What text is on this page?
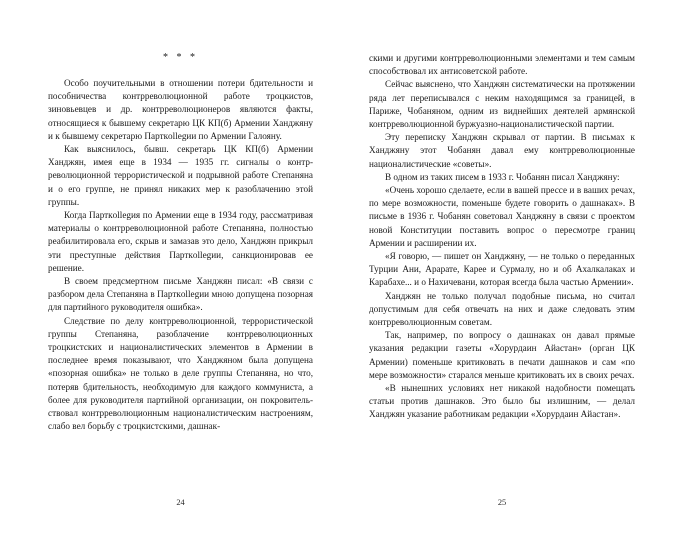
* * *

Особо поучительными в отношении потери бдительности и пособничества контрреволюционной работе троцкистов, зиновьевцев и др. контрреволюционеров являются факты, относящиеся к бывшему секретарю ЦК КП(б) Армении Ханджяну и к бывшему секретарю Парткollegии по Армении Галояну.

Как выяснилось, бывш. секретарь ЦК КП(б) Армении Ханджян, имея еще в 1934 — 1935 гг. сигналы о контрреволюционной террористической и подрывной работе Степаняна и о его группе, не принял никаких мер к разоблачению этой группы.

Когда Парткollegия по Армении еще в 1934 году, рассматривая материалы о контрреволюционной работе Степаняна, полностью реабилитировала его, скрыв и замазав это дело, Ханджян прикрыл эти преступные действия Парткollegии, санкционировав ее решение.

В своем предсмертном письме Ханджян писал: «В связи с разбором дела Степаняна в Парткollegии мною допущена позорная для партийного руководителя ошибка».

Следствие по делу контрреволюционной, террористической группы Степаняна, разоблачение контрреволюционных троцкистских и националистических элементов в Армении в последнее время показывают, что Ханджяном была допущена «позорная ошибка» не только в деле группы Степаняна, но что, потеряв бдительность, необходимую для каждого коммуниста, а более для руководителя партийной организации, он покровительствовал контрреволюционным националистическим настроениям, слабо вел борьбу с троцкистскими, дашнак-

24

скими и другими контрреволюционными элементами и тем самым способствовал их антисоветской работе.

Сейчас выяснено, что Ханджян систематически на протяжении ряда лет переписывался с неким находящимся за границей, в Париже, Чобаняном, одним из виднейших деятелей армянской контрреволюционной буржуазно-националистической партии.

Эту переписку Ханджян скрывал от партии. В письмах к Ханджяну этот Чобанян давал ему контрреволюционные националистические «советы».

В одном из таких писем в 1933 г. Чобанян писал Ханджяну:

«Очень хорошо сделаете, если в вашей прессе и в ваших речах, по мере возможности, поменьше будете говорить о дашнаках». В письме в 1936 г. Чобанян советовал Ханджяну в связи с проектом новой Конституции поставить вопрос о пересмотре границ Армении и расширении их.

«Я говорю, — пишет он Ханджяну, — не только о переданных Турции Ани, Арарате, Карее и Сурмалу, но и об Ахалкалаках и Карабахе... и о Нахичевани, которая всегда была частью Армении».

Ханджян не только получал подобные письма, но считал допустимым для себя отвечать на них и даже следовать этим контрреволюционным советам.

Так, например, по вопросу о дашнаках он давал прямые указания редакции газеты «Хорурдаин Айастан» (орган ЦК Армении) поменьше критиковать в печати дашнаков и сам «по мере возможности» старался меньше критиковать их в своих речах.

«В нынешних условиях нет никакой надобности помещать статьи против дашнаков. Это было бы излишним, — делал Ханджян указание работникам редакции «Хорурдаин Айастан».

25
